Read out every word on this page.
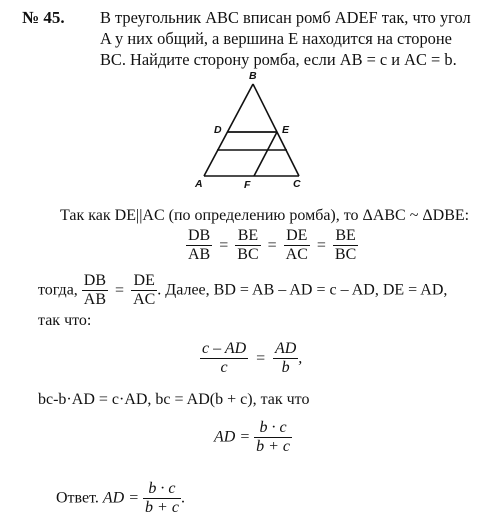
№ 45. В треугольник ABC вписан ромб ADEF так, что угол
A у них общий, а вершина E находится на стороне
BC. Найдите сторону ромба, если AB = c и AC = b.
B
D	E
A	F	C
Так как DE||AC (по определению ромба), то ΔABC ~ ΔDBE:
$\frac{DB}{AB} = \frac{BE}{BC} = \frac{DE}{AC} = \frac{BE}{BC}$
тогда, $\frac{DB}{AB} = \frac{DE}{AC}$ . Далее, BD = AB – AD = c – AD, DE = AD,
так что:
$\frac{c - AD}{c} = \frac{AD}{b}$ ,
bc-b·AD = c·AD, bc = AD(b + c), так что
AD = $\frac{b \cdot c}{b + c}$
Ответ. AD = $\frac{b \cdot c}{b + c}$ .
